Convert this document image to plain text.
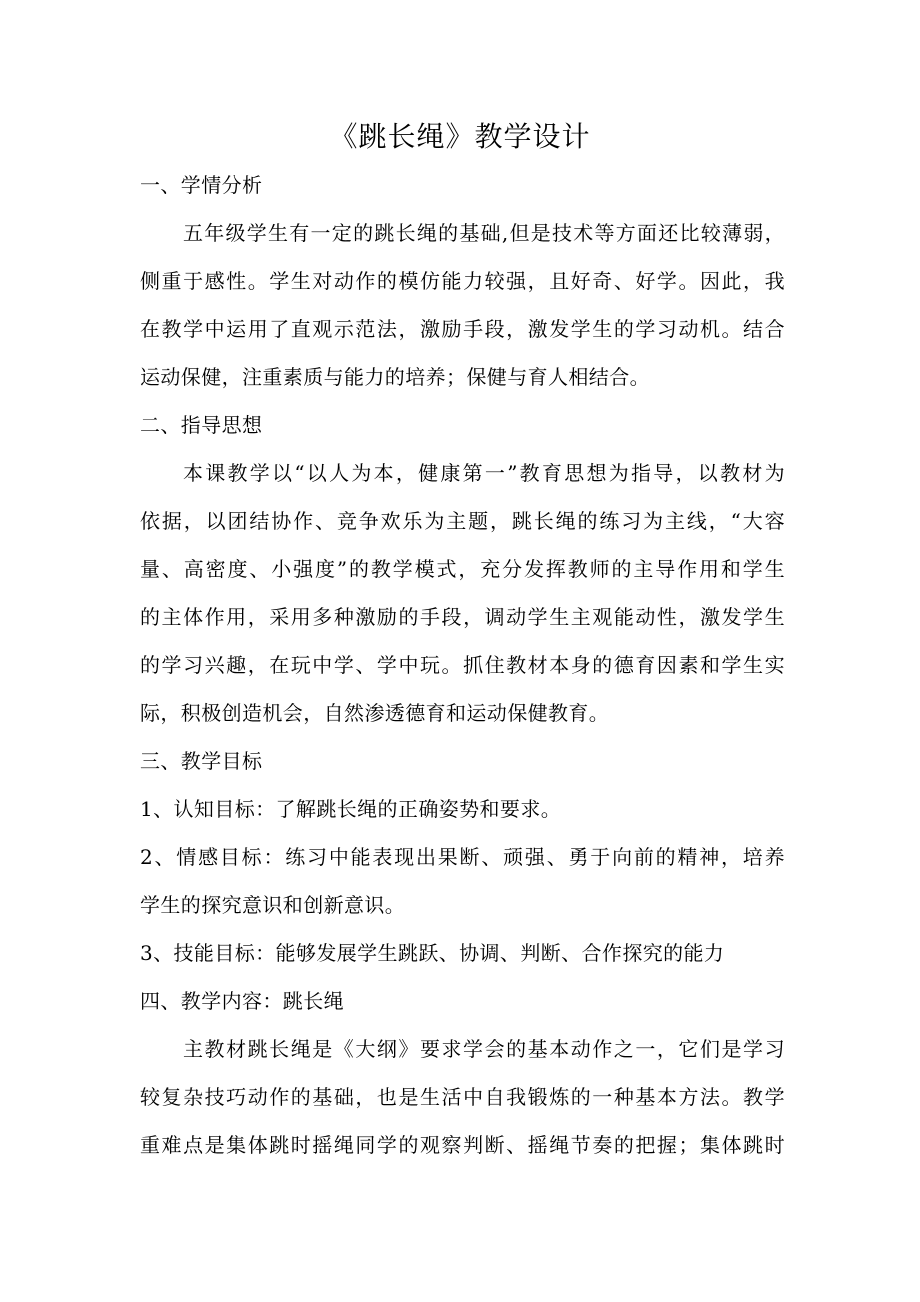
《跳长绳》教学设计
一、学情分析
五年级学生有一定的跳长绳的基础,但是技术等方面还比较薄弱，
侧重于感性。学生对动作的模仿能力较强，且好奇、好学。因此，我
在教学中运用了直观示范法，激励手段，激发学生的学习动机。结合
运动保健，注重素质与能力的培养；保健与育人相结合。
二、指导思想
本课教学以“以人为本，健康第一”教育思想为指导，以教材为
依据，以团结协作、竞争欢乐为主题，跳长绳的练习为主线，“大容
量、高密度、小强度”的教学模式，充分发挥教师的主导作用和学生
的主体作用，采用多种激励的手段，调动学生主观能动性，激发学生
的学习兴趣，在玩中学、学中玩。抓住教材本身的德育因素和学生实
际，积极创造机会，自然渗透德育和运动保健教育。
三、教学目标
1、认知目标：了解跳长绳的正确姿势和要求。
2、情感目标：练习中能表现出果断、顽强、勇于向前的精神，培养
学生的探究意识和创新意识。
3、技能目标：能够发展学生跳跃、协调、判断、合作探究的能力
四、教学内容：跳长绳
主教材跳长绳是《大纲》要求学会的基本动作之一，它们是学习
较复杂技巧动作的基础，也是生活中自我锻炼的一种基本方法。教学
重难点是集体跳时摇绳同学的观察判断、摇绳节奏的把握；集体跳时
